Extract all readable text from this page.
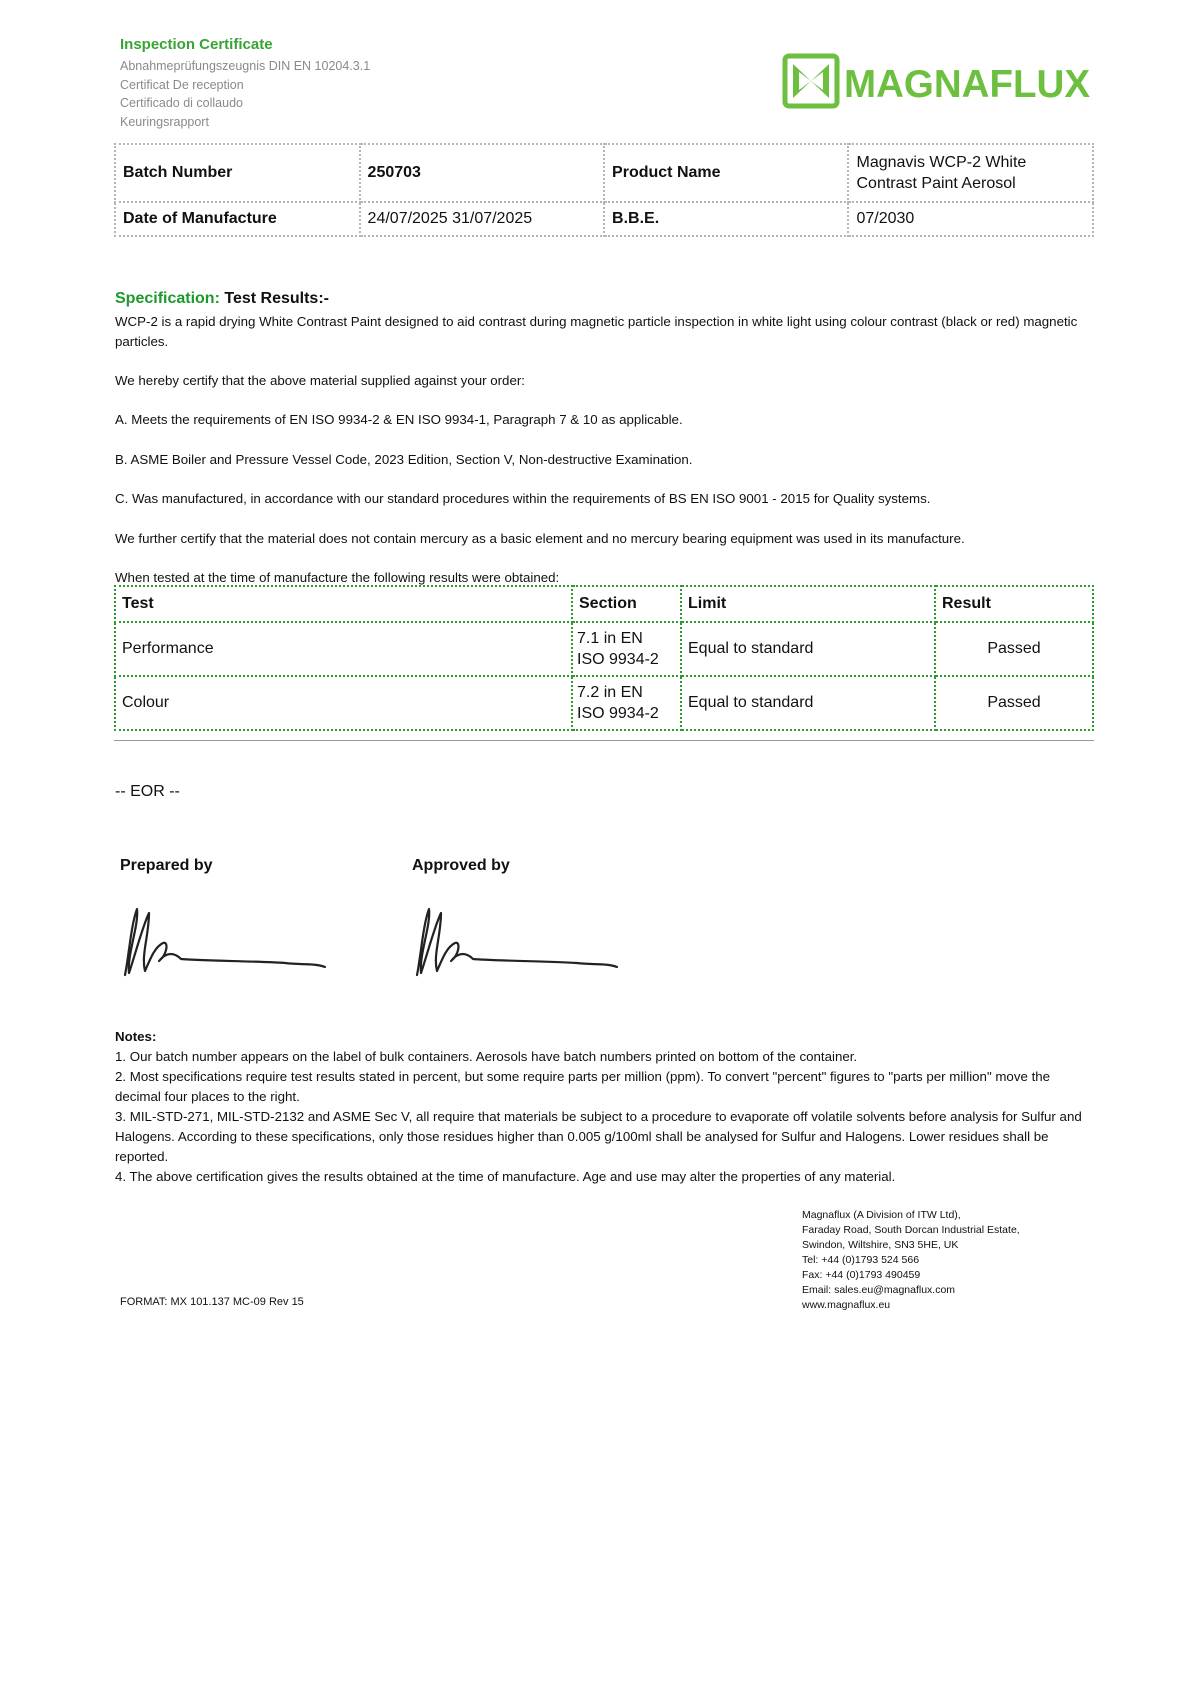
Inspection Certificate
Abnahmeprüfungszeugnis DIN EN 10204.3.1
Certificat De reception
Certificado di collaudo
Keuringsrapport
MAGNAFLUX
Batch Number	250703	Product Name	Magnavis WCP-2 White Contrast Paint Aerosol
Date of Manufacture	24/07/2025 31/07/2025	B.B.E.	07/2030
Specification: Test Results:-
WCP-2 is a rapid drying White Contrast Paint designed to aid contrast during magnetic particle inspection in white light using colour contrast (black or red) magnetic particles.
We hereby certify that the above material supplied against your order:
A. Meets the requirements of EN ISO 9934-2 & EN ISO 9934-1, Paragraph 7 & 10 as applicable.
B. ASME Boiler and Pressure Vessel Code, 2023 Edition, Section V, Non-destructive Examination.
C. Was manufactured, in accordance with our standard procedures within the requirements of BS EN ISO 9001 - 2015 for Quality systems.
We further certify that the material does not contain mercury as a basic element and no mercury bearing equipment was used in its manufacture.
When tested at the time of manufacture the following results were obtained:
Test	Section	Limit	Result
Performance	7.1 in EN ISO 9934-2	Equal to standard	Passed
Colour	7.2 in EN ISO 9934-2	Equal to standard	Passed
-- EOR --
Prepared by	Approved by
Notes:
1. Our batch number appears on the label of bulk containers. Aerosols have batch numbers printed on bottom of the container.
2. Most specifications require test results stated in percent, but some require parts per million (ppm). To convert "percent" figures to "parts per million" move the decimal four places to the right.
3. MIL-STD-271, MIL-STD-2132 and ASME Sec V, all require that materials be subject to a procedure to evaporate off volatile solvents before analysis for Sulfur and Halogens. According to these specifications, only those residues higher than 0.005 g/100ml shall be analysed for Sulfur and Halogens. Lower residues shall be reported.
4. The above certification gives the results obtained at the time of manufacture. Age and use may alter the properties of any material.
FORMAT: MX 101.137 MC-09 Rev 15
Magnaflux (A Division of ITW Ltd),
Faraday Road, South Dorcan Industrial Estate,
Swindon, Wiltshire, SN3 5HE, UK
Tel: +44 (0)1793 524 566
Fax: +44 (0)1793 490459
Email: sales.eu@magnaflux.com
www.magnaflux.eu
